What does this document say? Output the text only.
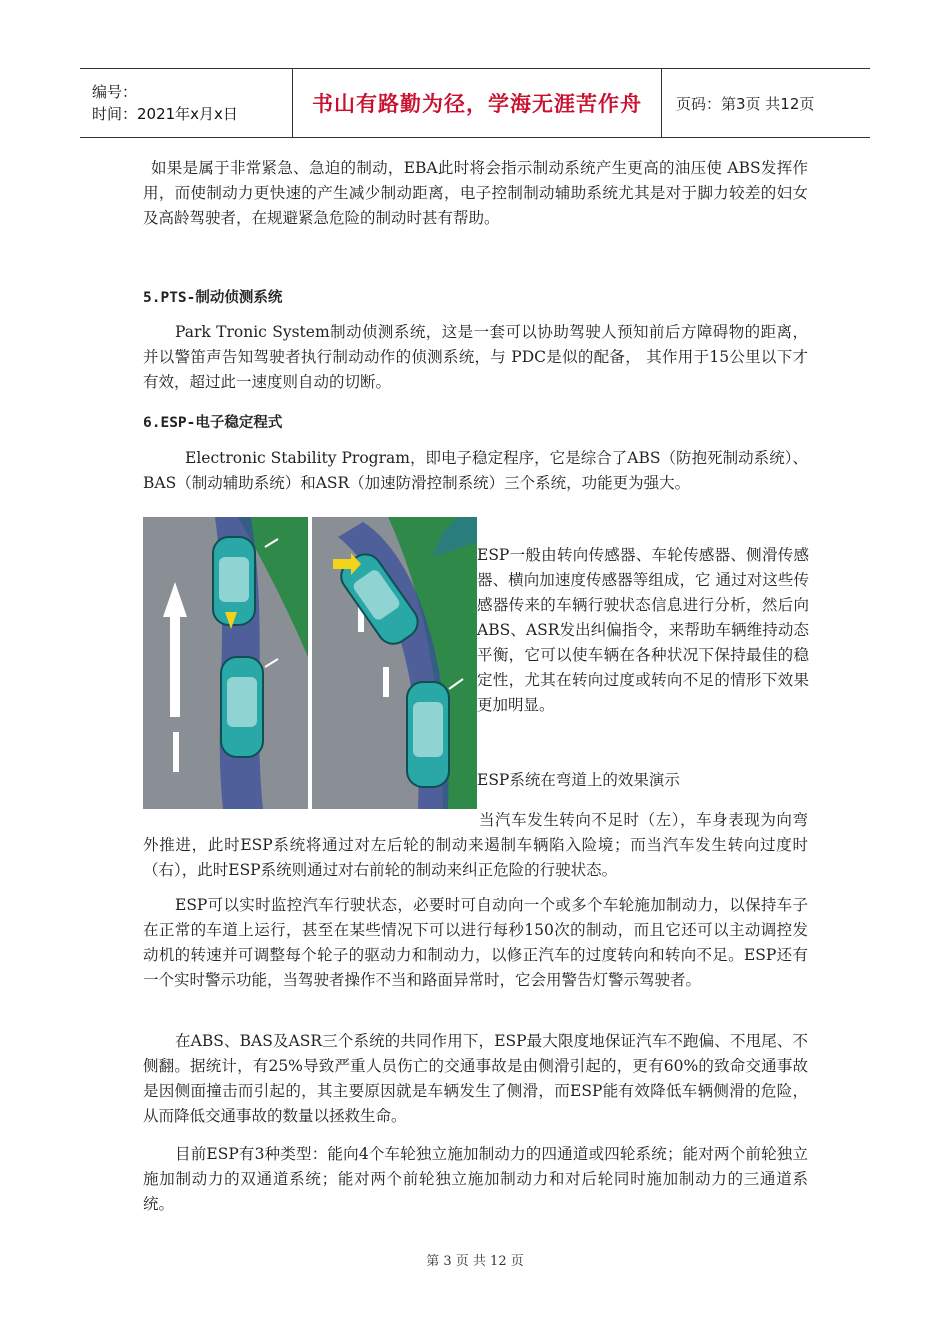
编号：
时间：2021年x月x日	书山有路勤为径，学海无涯苦作舟 页码：第3页 共12页

如果是属于非常紧急、急迫的制动，EBA此时将会指示制动系统产生更高的油压使 ABS发挥作用，而使制动力更快速的产生减少制动距离，电子控制制动辅助系统尤其是对于脚力较差的妇女及高龄驾驶者，在规避紧急危险的制动时甚有帮助。

5.PTS-制动侦测系统

Park Tronic System制动侦测系统，这是一套可以协助驾驶人预知前后方障碍物的距离，并以警笛声告知驾驶者执行制动动作的侦测系统，与 PDC是似的配备， 其作用于15公里以下才有效，超过此一速度则自动的切断。

6.ESP-电子稳定程式

Electronic Stability Program，即电子稳定程序，它是综合了ABS（防抱死制动系统）、BAS（制动辅助系统）和ASR（加速防滑控制系统）三个系统，功能更为强大。

ESP一般由转向传感器、车轮传感器、侧滑传感器、横向加速度传感器等组成，它 通过对这些传感器传来的车辆行驶状态信息进行分析，然后向ABS、ASR发出纠偏指令，来帮助车辆维持动态平衡，它可以使车辆在各种状况下保持最佳的稳定性，尤其在转向过度或转向不足的情形下效果更加明显。

ESP系统在弯道上的效果演示

当汽车发生转向不足时（左），车身表现为向弯外推进，此时ESP系统将通过对左后轮的制动来遏制车辆陷入险境；而当汽车发生转向过度时（右），此时ESP系统则通过对右前轮的制动来纠正危险的行驶状态。

ESP可以实时监控汽车行驶状态，必要时可自动向一个或多个车轮施加制动力，以保持车子在正常的车道上运行，甚至在某些情况下可以进行每秒150次的制动，而且它还可以主动调控发动机的转速并可调整每个轮子的驱动力和制动力，以修正汽车的过度转向和转向不足。ESP还有一个实时警示功能，当驾驶者操作不当和路面异常时，它会用警告灯警示驾驶者。

在ABS、BAS及ASR三个系统的共同作用下，ESP最大限度地保证汽车不跑偏、不甩尾、不侧翻。据统计，有25%导致严重人员伤亡的交通事故是由侧滑引起的，更有60%的致命交通事故是因侧面撞击而引起的，其主要原因就是车辆发生了侧滑，而ESP能有效降低车辆侧滑的危险，从而降低交通事故的数量以拯救生命。

目前ESP有3种类型：能向4个车轮独立施加制动力的四通道或四轮系统；能对两个前轮独立施加制动力的双通道系统；能对两个前轮独立施加制动力和对后轮同时施加制动力的三通道系统。

第 3 页 共 12 页
